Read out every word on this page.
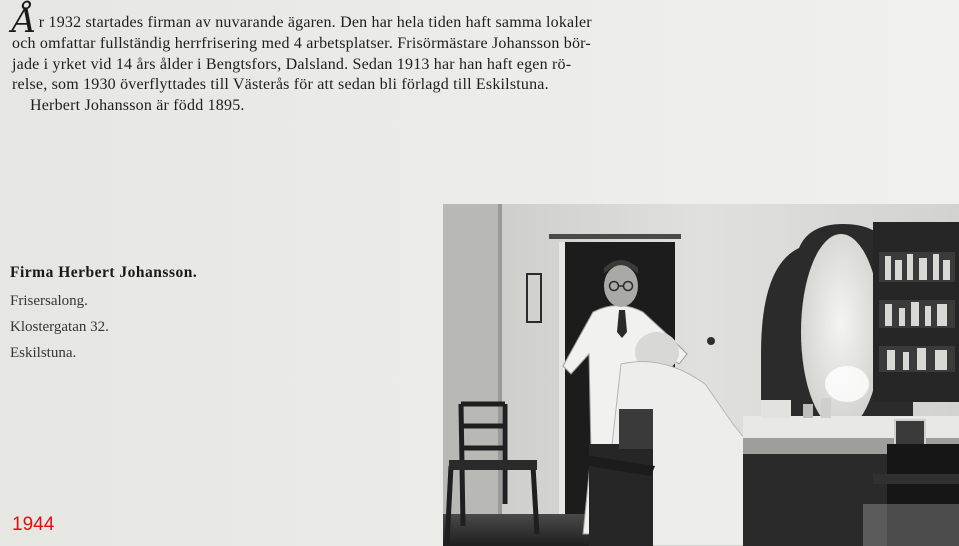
År 1932 startades firman av nuvarande ägaren. Den har hela tiden haft samma lokaler
och omfattar fullständig herrfrisering med 4 arbetsplatser. Frisörmästare Johansson bör-
jade i yrket vid 14 års ålder i Bengtsfors, Dalsland. Sedan 1913 har han haft egen rö-
relse, som 1930 överflyttades till Västerås för att sedan bli förlagd till Eskilstuna.
Herbert Johansson är född 1895.
Firma Herbert Johansson.
Frisersalong.
Klostergatan 32.
Eskilstuna.
1944
